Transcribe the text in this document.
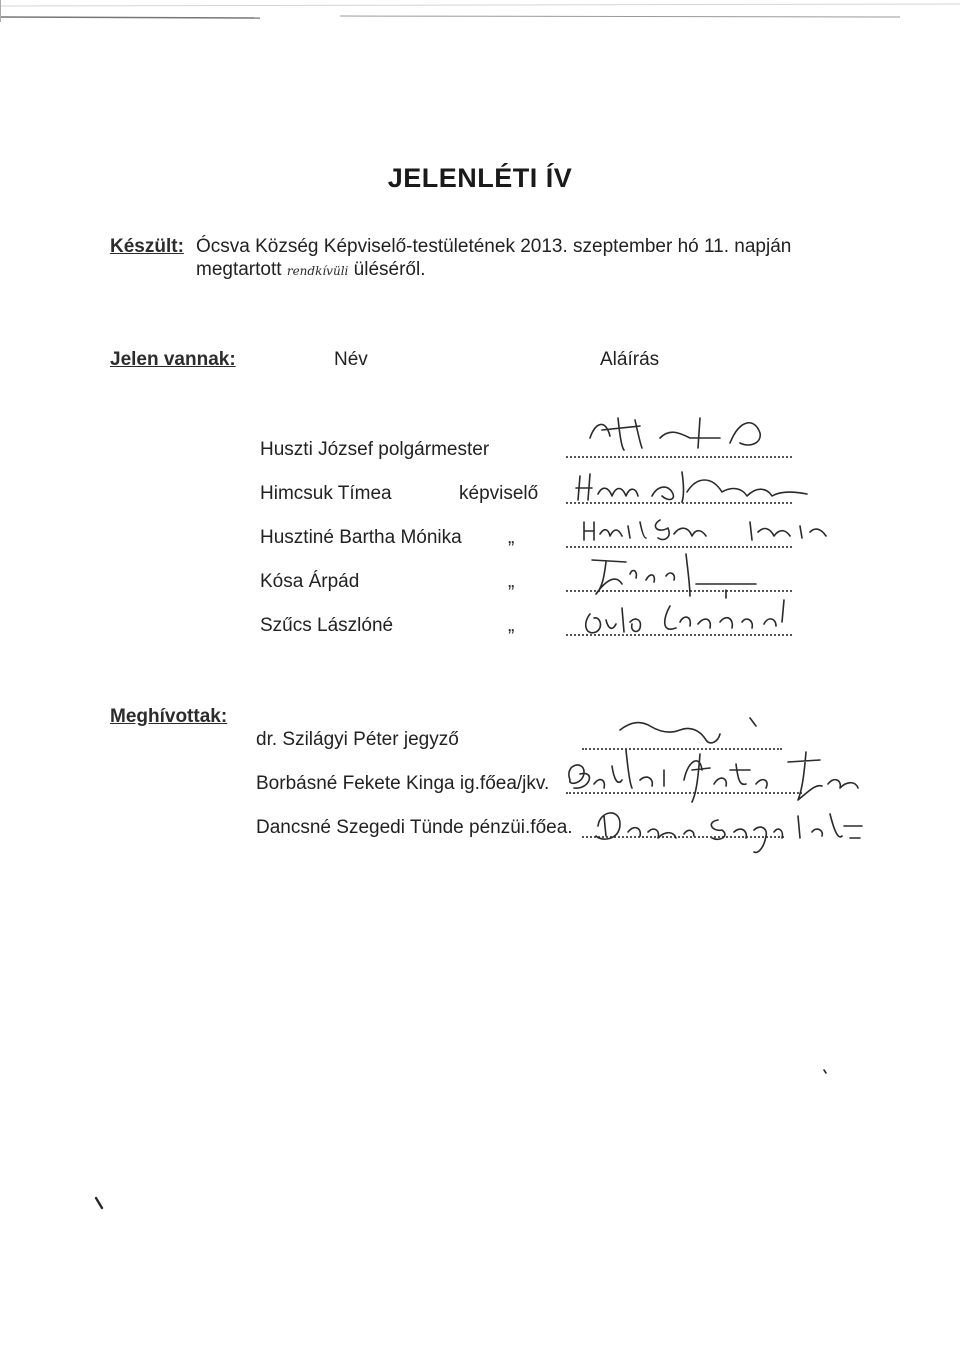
JELENLÉTI ÍV
Készült: Ócsva Község Képviselő-testületének 2013. szeptember hó 11. napján
megtartott rendkívüli üléséről.
Jelen vannak:	Név	Aláírás
Huszti József polgármester
Himcsuk Tímea	képviselő
Husztiné Bartha Mónika „
Kósa Árpád	„
Szűcs Lászlóné	„
Meghívottak:
dr. Szilágyi Péter jegyző
Borbásné Fekete Kinga ig.főea/jkv.
Dancsné Szegedi Tünde pénzüi.főea.
